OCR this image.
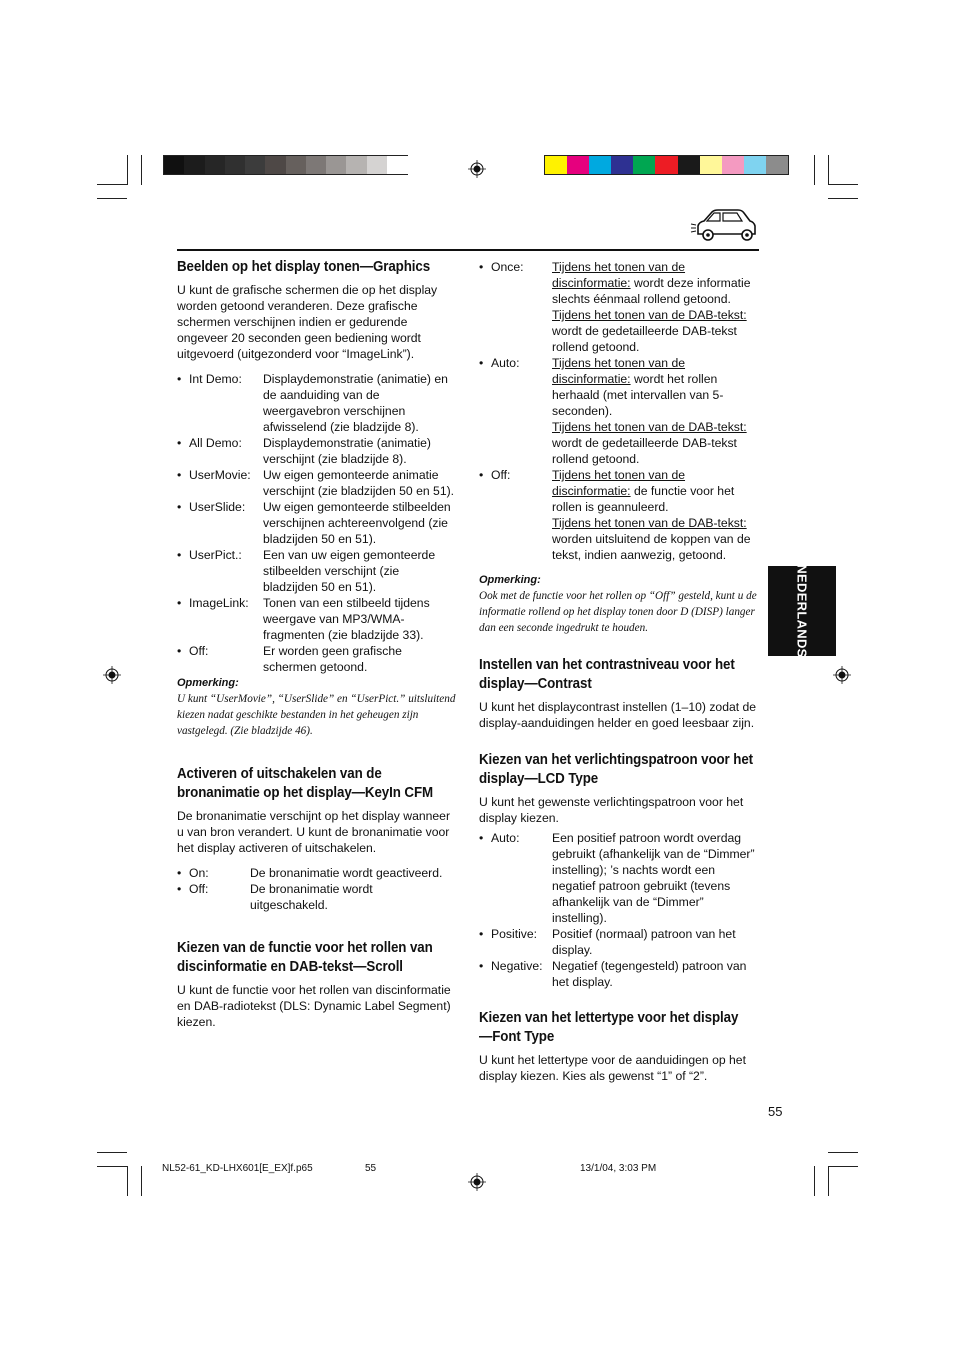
NEDERLANDS
Beelden op het display tonen—Graphics

U kunt de grafische schermen die op het display worden getoond veranderen. Deze grafische schermen verschijnen indien er gedurende ongeveer 20 seconden geen bediening wordt uitgevoerd (uitgezonderd voor “ImageLink”).

• Int Demo:	Displaydemonstratie (animatie) en de aanduiding van de weergavebron verschijnen afwisselend (zie bladzijde 8).
• All Demo:	Displaydemonstratie (animatie) verschijnt (zie bladzijde 8).
• UserMovie:	Uw eigen gemonteerde animatie verschijnt (zie bladzijden 50 en 51).
• UserSlide:	Uw eigen gemonteerde stilbeelden verschijnen achtereenvolgend (zie bladzijden 50 en 51).
• UserPict.:	Een van uw eigen gemonteerde stilbeelden verschijnt (zie bladzijden 50 en 51).
• ImageLink:	Tonen van een stilbeeld tijdens weergave van MP3/WMA-fragmenten (zie bladzijde 33).
• Off:	Er worden geen grafische schermen getoond.

Opmerking:

U kunt “UserMovie”, “UserSlide” en “UserPict.” uitsluitend kiezen nadat geschikte bestanden in het geheugen zijn vastgelegd. (Zie bladzijde 46).

Activeren of uitschakelen van de bronanimatie op het display—KeyIn CFM

De bronanimatie verschijnt op het display wanneer u van bron verandert. U kunt de bronanimatie voor het display activeren of uitschakelen.

• On:	De bronanimatie wordt geactiveerd.
• Off:	De bronanimatie wordt uitgeschakeld.
Kiezen van de functie voor het rollen van discinformatie en DAB-tekst—Scroll

U kunt de functie voor het rollen van discinformatie en DAB-radiotekst (DLS: Dynamic Label Segment) kiezen.

• Once:	Tijdens het tonen van de discinformatie: wordt deze informatie slechts éénmaal rollend getoond.
Tijdens het tonen van de DAB-tekst: wordt de gedetailleerde DAB-tekst rollend getoond.
• Auto:	Tijdens het tonen van de discinformatie: wordt het rollen herhaald (met intervallen van 5-seconden).
Tijdens het tonen van de DAB-tekst: wordt de gedetailleerde DAB-tekst rollend getoond.
• Off:	Tijdens het tonen van de discinformatie: de functie voor het rollen is geannuleerd.
Tijdens het tonen van de DAB-tekst: worden uitsluitend de koppen van de tekst, indien aanwezig, getoond.

Opmerking:

Ook met de functie voor het rollen op “Off” gesteld, kunt u de informatie rollend op het display tonen door D (DISP) langer dan een seconde ingedrukt te houden.

Instellen van het contrastniveau voor het display—Contrast

U kunt het displaycontrast instellen (1–10) zodat de display-aanduidingen helder en goed leesbaar zijn.

Kiezen van het verlichtingspatroon voor het display—LCD Type

U kunt het gewenste verlichtingspatroon voor het display kiezen.

• Auto:	Een positief patroon wordt overdag gebruikt (afhankelijk van de “Dimmer” instelling); ’s nachts wordt een negatief patroon gebruikt (tevens afhankelijk van de “Dimmer” instelling).
• Positive:	Positief (normaal) patroon van het display.
• Negative: Negatief (tegengesteld) patroon van het display.
Kiezen van het lettertype voor het display —Font Type

U kunt het lettertype voor de aanduidingen op het display kiezen. Kies als gewenst “1” of “2”.

55
NL52-61_KD-LHX601[E_EX]f.p65	55	13/1/04, 3:03 PM
